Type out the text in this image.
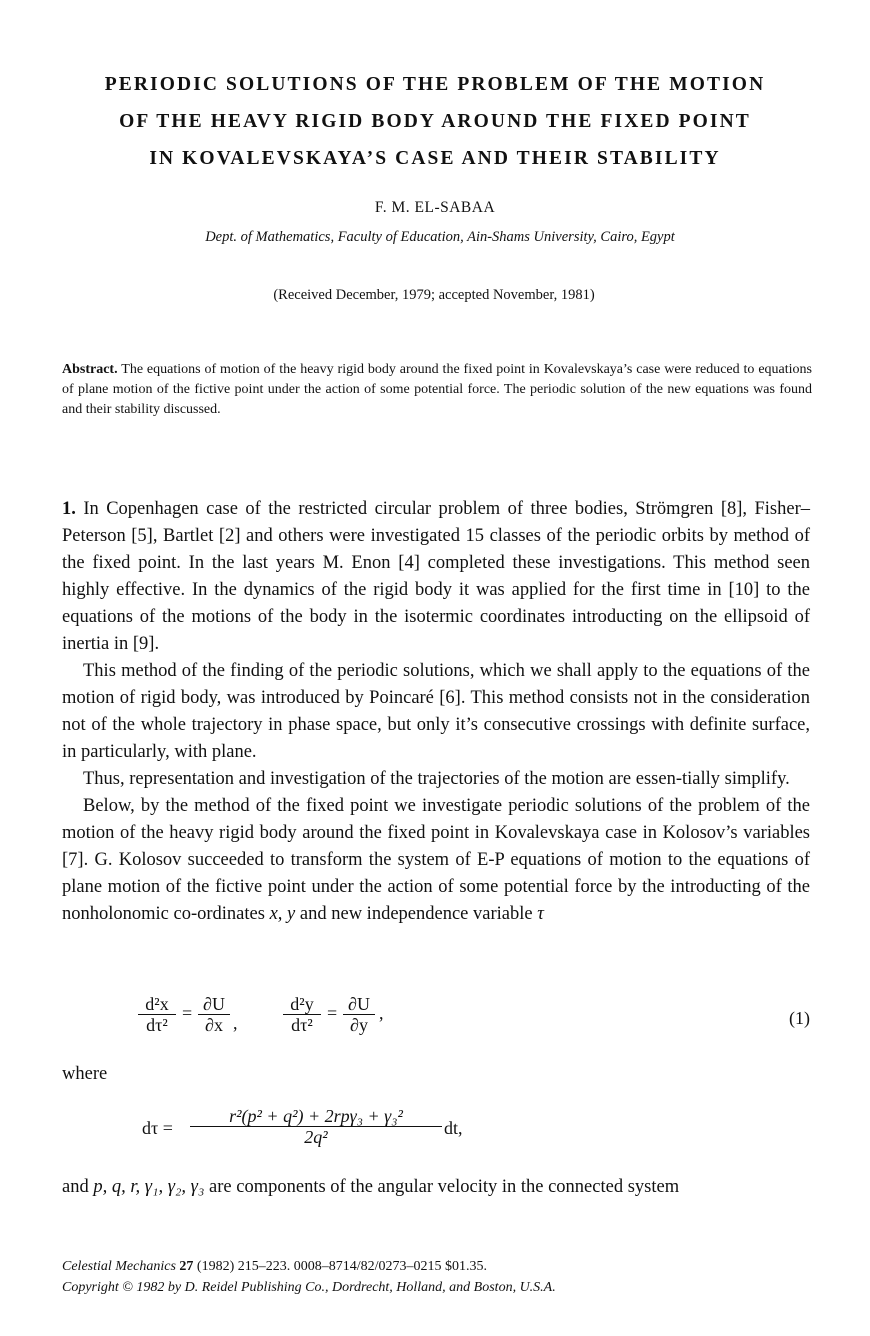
PERIODIC SOLUTIONS OF THE PROBLEM OF THE MOTION
OF THE HEAVY RIGID BODY AROUND THE FIXED POINT
IN KOVALEVSKAYA’S CASE AND THEIR STABILITY
F. M. EL-SABAA
Dept. of Mathematics, Faculty of Education, Ain-Shams University, Cairo, Egypt
(Received December, 1979; accepted November, 1981)
Abstract. The equations of motion of the heavy rigid body around the fixed point in Kovalevskaya’s case were reduced to equations of plane motion of the fictive point under the action of some potential force. The periodic solution of the new equations was found and their stability discussed.

1. In Copenhagen case of the restricted circular problem of three bodies, Strömgren [8], Fisher–Peterson [5], Bartlet [2] and others were investigated 15 classes of the periodic orbits by method of the fixed point. In the last years M. Enon [4] completed these investigations. This method seen highly effective. In the dynamics of the rigid body it was applied for the first time in [10] to the equations of the motions of the body in the isotermic coordinates introducting on the ellipsoid of inertia in [9].

This method of the finding of the periodic solutions, which we shall apply to the equations of the motion of rigid body, was introduced by Poincaré [6]. This method consists not in the consideration not of the whole trajectory in phase space, but only it’s consecutive crossings with definite surface, in particularly, with plane.

Thus, representation and investigation of the trajectories of the motion are essen-tially simplify.

Below, by the method of the fixed point we investigate periodic solutions of the problem of the motion of the heavy rigid body around the fixed point in Kovalevskaya case in Kolosov’s variables [7]. G. Kolosov succeeded to transform the system of E-P equations of motion to the equations of plane motion of the fictive point under the action of some potential force by the introducting of the nonholonomic co-ordinates x, y and new independence variable τ

$\frac{\text{d²x}}{\text{dτ²}} = \frac{\partial U}{\partial x}$ ,	$\frac{\text{d²y}}{\text{dτ²}} = \frac{\partial U}{\partial y}$ ,	(1)
where
dτ =
r²(p² + q²) + 2rpγ₃ + γ₃²
2q²	dt,
and p, q, r, γ₁, γ₂, γ₃ are components of the angular velocity in the connected system
Celestial Mechanics 27 (1982) 215–223. 0008–8714/82/0273–0215 $01.35.
Copyright © 1982 by D. Reidel Publishing Co., Dordrecht, Holland, and Boston, U.S.A.
